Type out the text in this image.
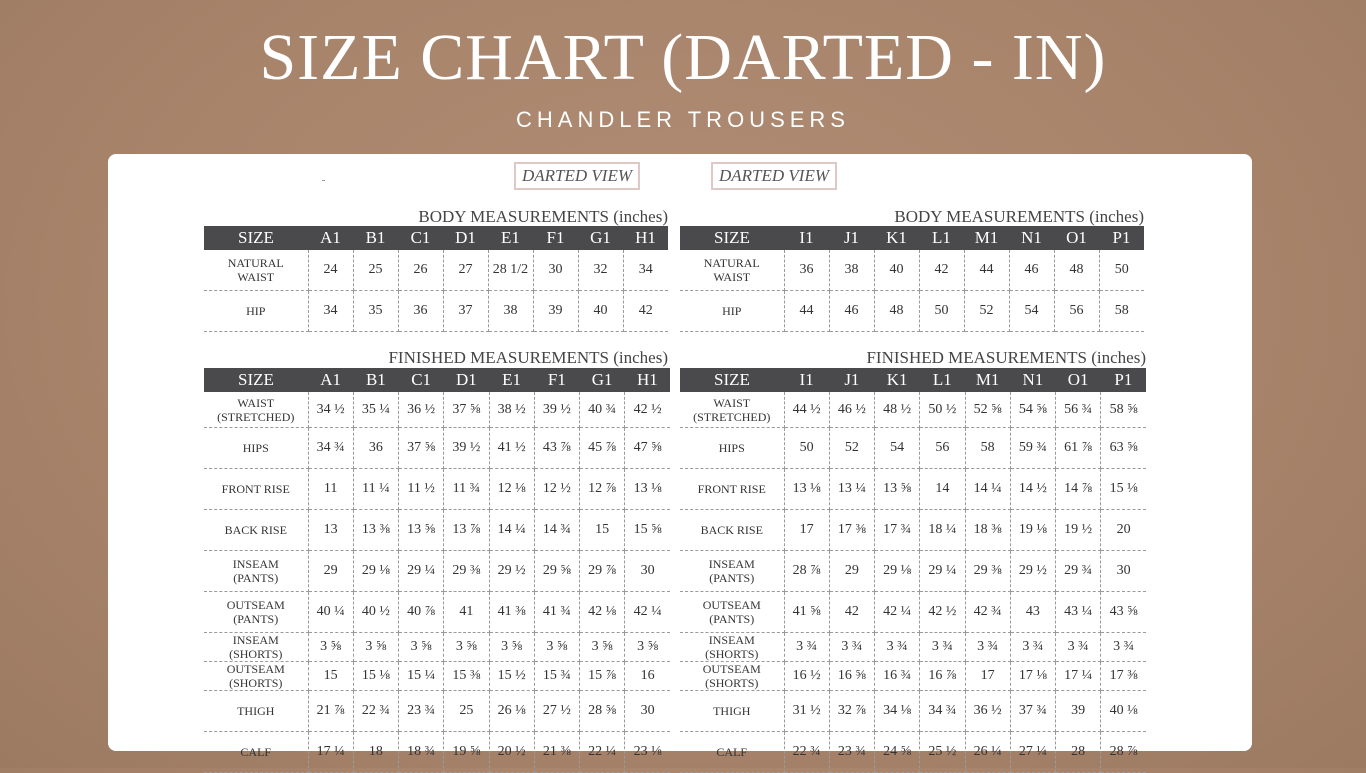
SIZE CHART (DARTED - IN)
CHANDLER TROUSERS
DARTED VIEW	DARTED VIEW
BODY MEASUREMENTS (inches)
SIZE	A1	B1	C1	D1	E1	F1	G1	H1
NATURAL
WAIST	24	25	26	27	28 1/2	30	32	34
HIP	34	35	36	37	38	39	40	42
FINISHED MEASUREMENTS (inches)
SIZE	A1	B1	C1	D1	E1	F1	G1	H1
WAIST
(STRETCHED)	34 ½	35 ¼	36 ½	37 ⅝	38 ½	39 ½	40 ¾	42 ½
HIPS	34 ¾	36	37 ⅝	39 ½	41 ½	43 ⅞	45 ⅞	47 ⅝
FRONT RISE	11	11 ¼	11 ½	11 ¾	12 ⅛	12 ½	12 ⅞	13 ⅛
BACK RISE	13	13 ⅜	13 ⅝	13 ⅞	14 ¼	14 ¾	15	15 ⅝
INSEAM
(PANTS)	29	29 ⅛	29 ¼	29 ⅜	29 ½	29 ⅝	29 ⅞	30
OUTSEAM
(PANTS)	40 ¼	40 ½	40 ⅞	41	41 ⅜	41 ¾	42 ⅛	42 ¼
INSEAM
(SHORTS)	3 ⅝	3 ⅝	3 ⅝	3 ⅝	3 ⅝	3 ⅝	3 ⅝	3 ⅝
OUTSEAM
(SHORTS)	15	15 ⅛	15 ¼	15 ⅜	15 ½	15 ¾	15 ⅞	16
THIGH	21 ⅞	22 ¾	23 ¾	25	26 ⅛	27 ½	28 ⅝	30
CALF	17 ¼	18	18 ¾	19 ⅝	20 ½	21 ⅜	22 ¼	23 ⅛
BODY MEASUREMENTS (inches)
SIZE	I1	J1	K1	L1	M1	N1	O1	P1
NATURAL
WAIST	36	38	40	42	44	46	48	50
HIP	44	46	48	50	52	54	56	58
FINISHED MEASUREMENTS (inches)
SIZE	I1	J1	K1	L1	M1	N1	O1	P1
WAIST
(STRETCHED)	44 ½	46 ½	48 ½	50 ½	52 ⅝	54 ⅝	56 ¾	58 ⅝
HIPS	50	52	54	56	58	59 ¾	61 ⅞	63 ⅝
FRONT RISE	13 ⅛	13 ¼	13 ⅝	14	14 ¼	14 ½	14 ⅞	15 ⅛
BACK RISE	17	17 ⅜	17 ¾	18 ¼	18 ⅜	19 ⅛	19 ½	20
INSEAM
(PANTS)	28 ⅞	29	29 ⅛	29 ¼	29 ⅜	29 ½	29 ¾	30
OUTSEAM
(PANTS)	41 ⅝	42	42 ¼	42 ½	42 ¾	43	43 ¼	43 ⅝
INSEAM
(SHORTS)	3 ¾	3 ¾	3 ¾	3 ¾	3 ¾	3 ¾	3 ¾	3 ¾
OUTSEAM
(SHORTS)	16 ½	16 ⅝	16 ¾	16 ⅞	17	17 ⅛	17 ¼	17 ⅜
THIGH	31 ½	32 ⅞	34 ⅛	34 ¾	36 ½	37 ¾	39	40 ⅛
CALF	22 ¾	23 ¾	24 ⅝	25 ½	26 ¼	27 ¼	28	28 ⅞
